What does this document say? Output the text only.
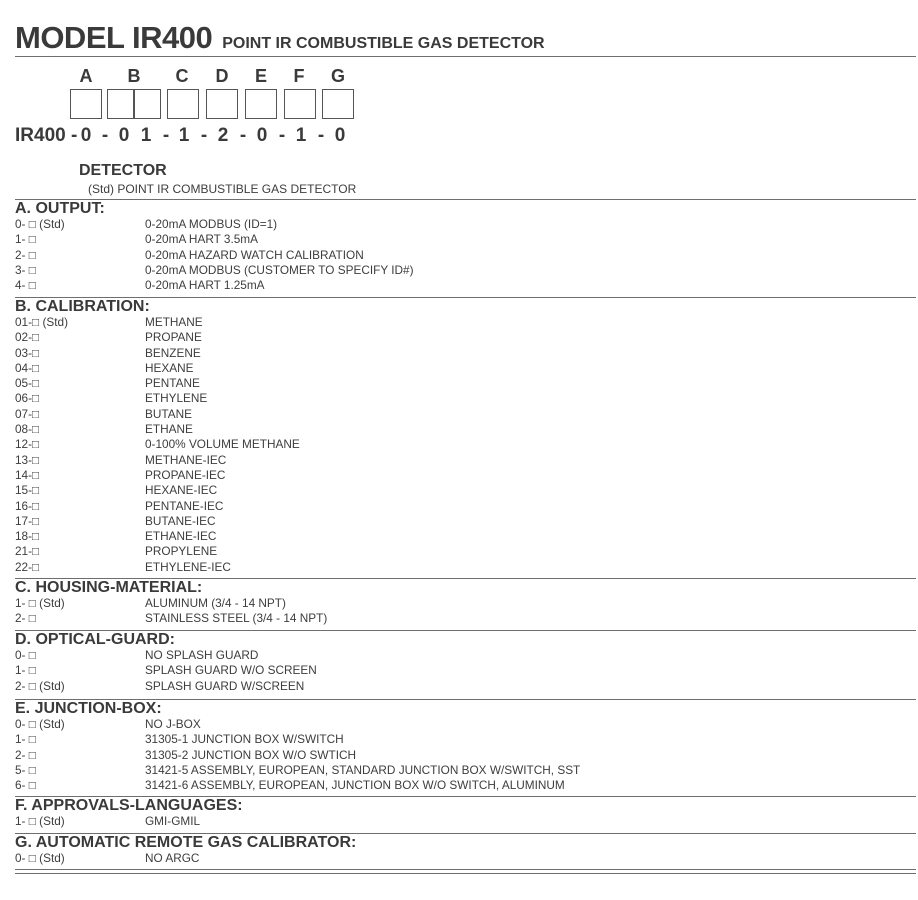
MODEL IR400 POINT IR COMBUSTIBLE GAS DETECTOR
A B C D E	F	G
IR400 - 0 - 0 1 - 1 - 2 - 0 - 1 - 0
DETECTOR
(Std) POINT IR COMBUSTIBLE GAS DETECTOR
A. OUTPUT:
0- □ (Std)	0-20mA MODBUS (ID=1)
1- □	0-20mA HART 3.5mA
2- □	0-20mA HAZARD WATCH CALIBRATION
3- □	0-20mA MODBUS (CUSTOMER TO SPECIFY ID#)
4- □	0-20mA HART 1.25mA
B. CALIBRATION:
01-□ (Std)	METHANE
02-□	PROPANE
03-□	BENZENE
04-□	HEXANE
05-□	PENTANE
06-□	ETHYLENE
07-□	BUTANE
08-□	ETHANE
12-□	0-100% VOLUME METHANE
13-□	METHANE-IEC
14-□	PROPANE-IEC
15-□	HEXANE-IEC
16-□	PENTANE-IEC
17-□	BUTANE-IEC
18-□	ETHANE-IEC
21-□	PROPYLENE
22-□	ETHYLENE-IEC
C. HOUSING-MATERIAL:
1- □ (Std)	ALUMINUM (3/4 - 14 NPT)
2- □	STAINLESS STEEL (3/4 - 14 NPT)
D. OPTICAL-GUARD:
0- □	NO SPLASH GUARD
1- □	SPLASH GUARD W/O SCREEN
2- □ (Std)	SPLASH GUARD W/SCREEN
E. JUNCTION-BOX:
0- □ (Std)	NO J-BOX
1- □	31305-1 JUNCTION BOX W/SWITCH
2- □	31305-2 JUNCTION BOX W/O SWTICH
5- □	31421-5 ASSEMBLY, EUROPEAN, STANDARD JUNCTION BOX W/SWITCH, SST
6- □	31421-6 ASSEMBLY, EUROPEAN, JUNCTION BOX W/O SWITCH, ALUMINUM
F. APPROVALS-LANGUAGES:
1- □ (Std)	GMI-GMIL
G. AUTOMATIC REMOTE GAS CALIBRATOR:
0- □ (Std)	NO ARGC
